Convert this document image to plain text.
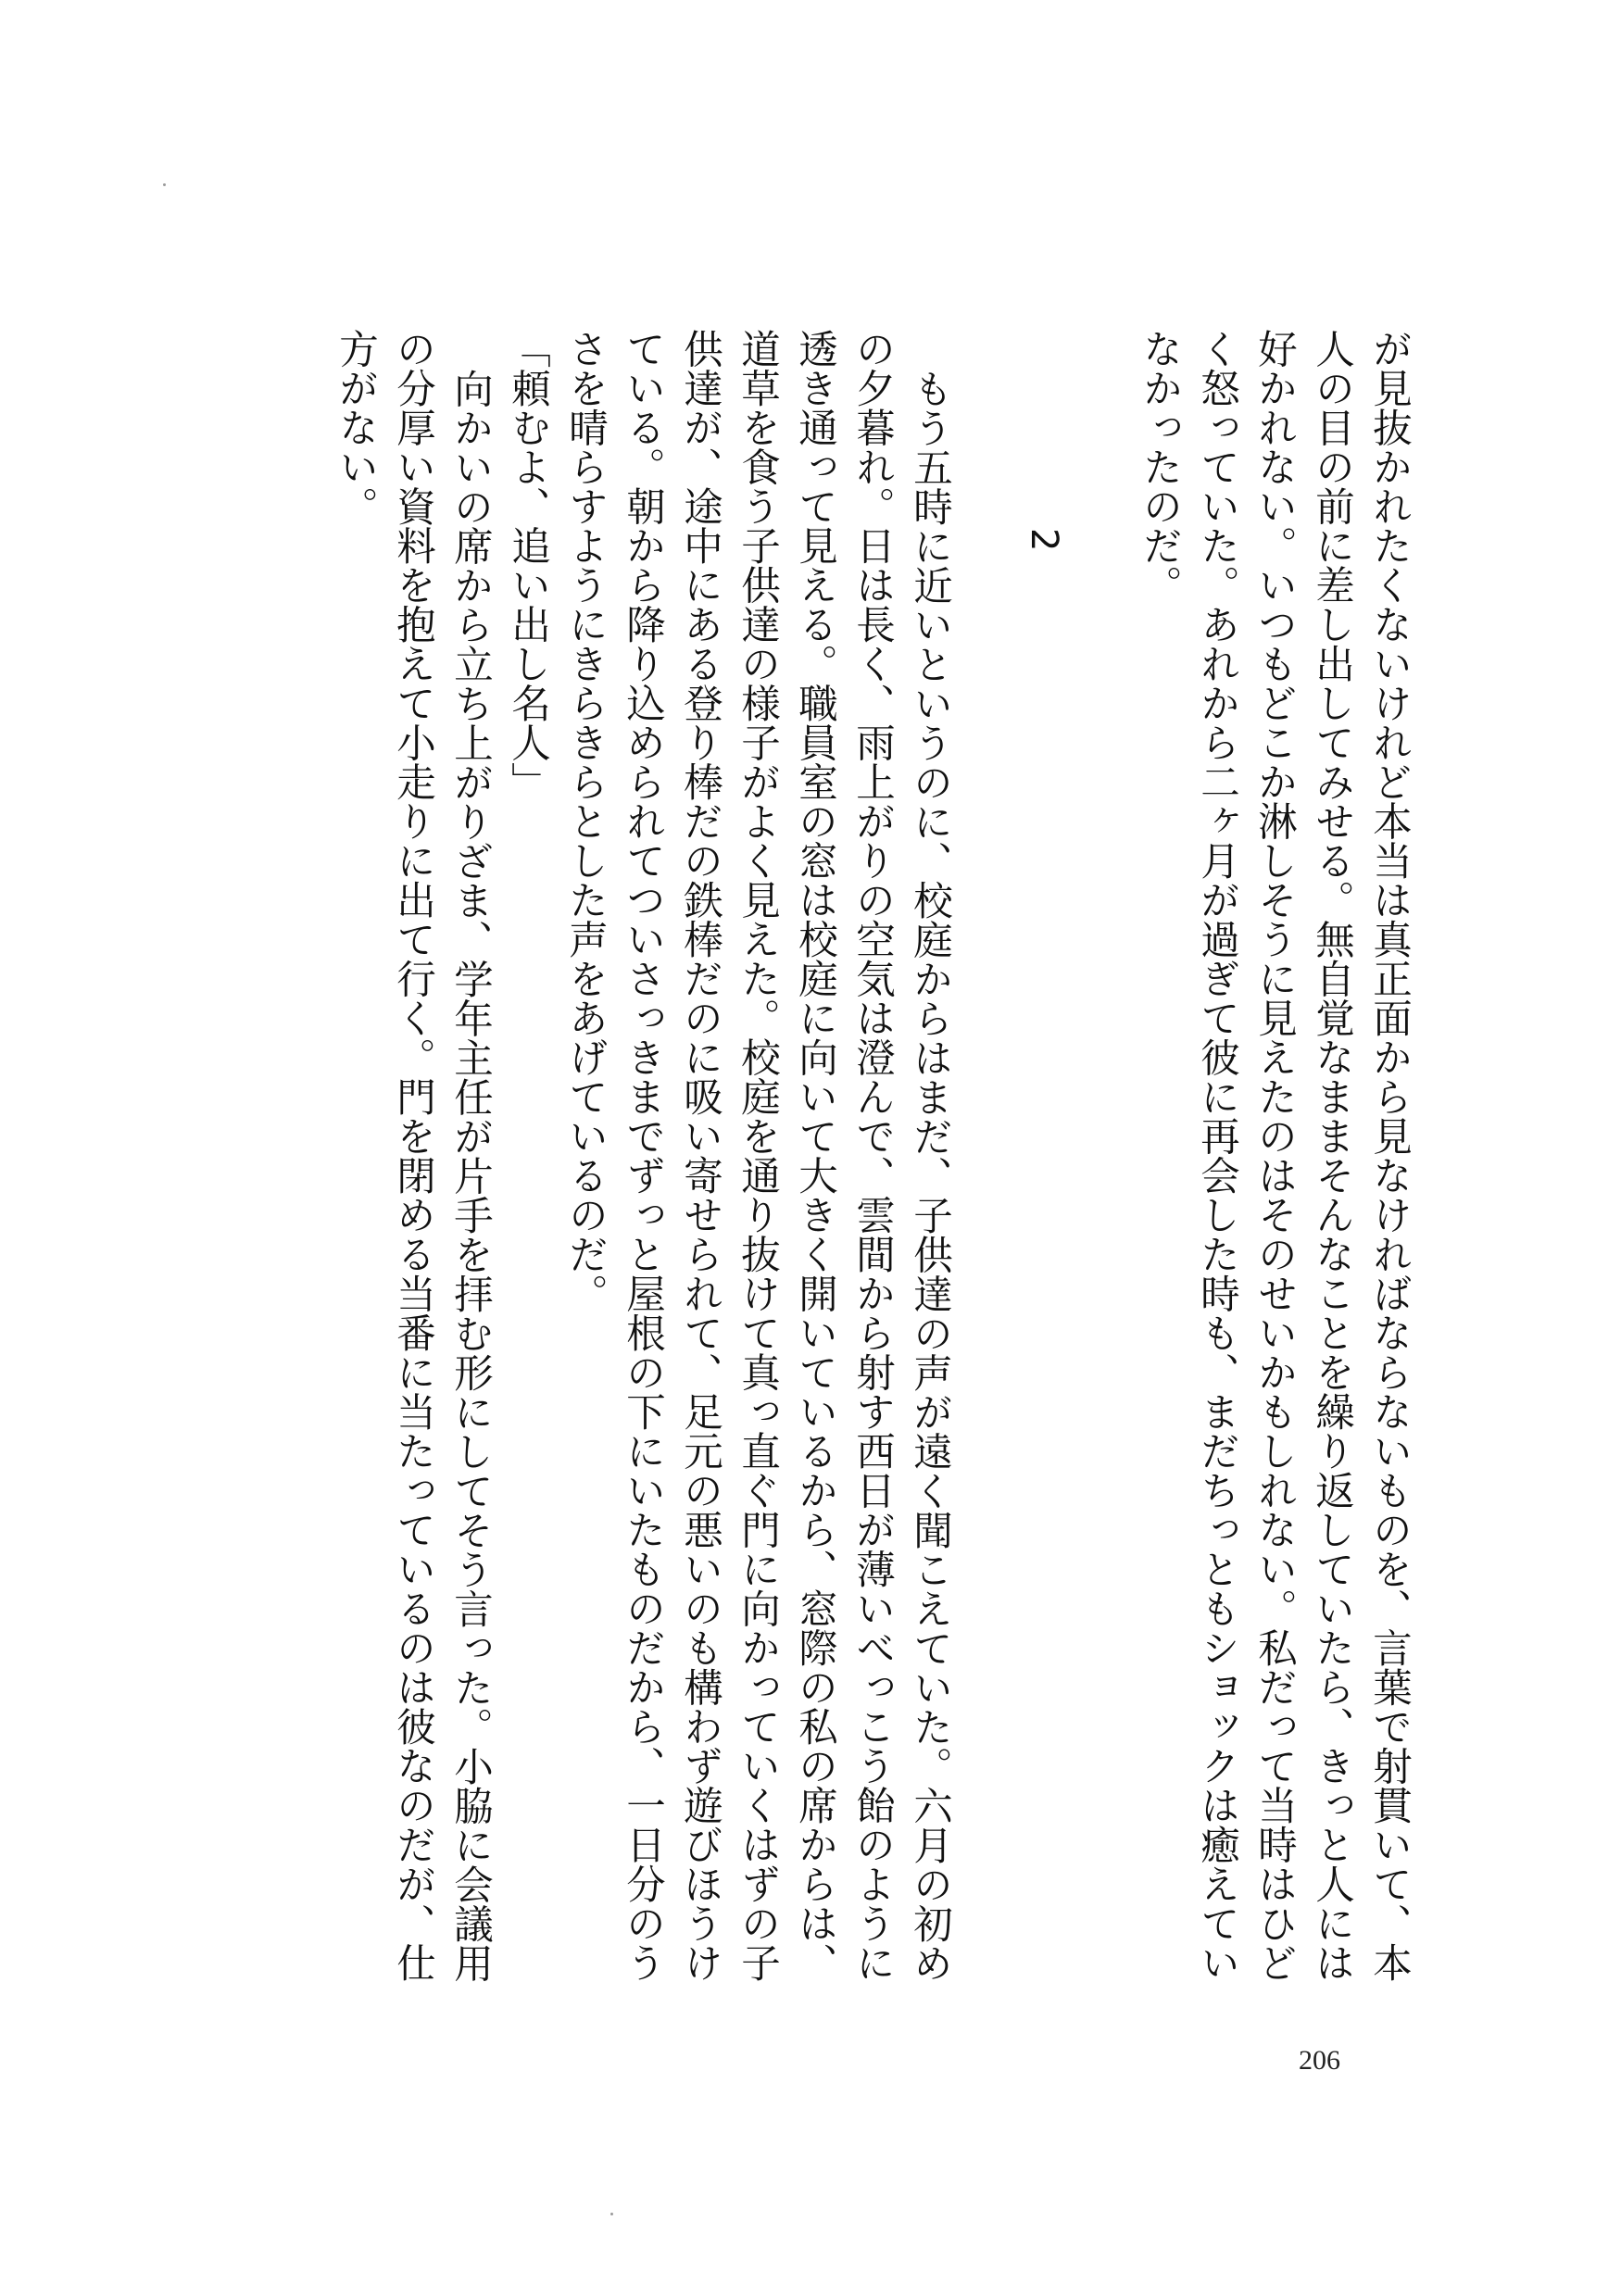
が見抜かれたくないけれど本当は真正面から見なければならないものを、言葉で射貫いて、本
人の目の前に差し出してみせる。無自覚なままそんなことを繰り返していたら、きっと人には
好かれない。いつもどこか淋しそうに見えたのはそのせいかもしれない。私だって当時はひど
く怒っていた。あれから二ヶ月が過ぎて彼に再会した時も、まだちっともショックは癒えてい
なかったのだ。
2
もう五時に近いというのに、校庭からはまだ、子供達の声が遠く聞こえていた。六月の初め
の夕暮れ。日は長く、雨上がりの空気は澄んで、雲間から射す西日が薄いべっこう飴のように
透き通って見える。職員室の窓は校庭に向いて大きく開いているから、窓際の私の席からは、
道草を食う子供達の様子がよく見えた。校庭を通り抜けて真っ直ぐ門に向かっていくはずの子
供達が、途中にある登り棒だの鉄棒だのに吸い寄せられて、足元の悪いのも構わず遊びほうけ
ている。朝から降り込められてついさっきまでずっと屋根の下にいたものだから、一日分のう
さを晴らすようにきらきらとした声をあげているのだ。
「頼むよ、追い出し名人」
向かいの席から立ち上がりざま、学年主任が片手を拝む形にしてそう言った。小脇に会議用
の分厚い資料を抱えて小走りに出て行く。門を閉める当番に当たっているのは彼なのだが、仕
方がない。
206
